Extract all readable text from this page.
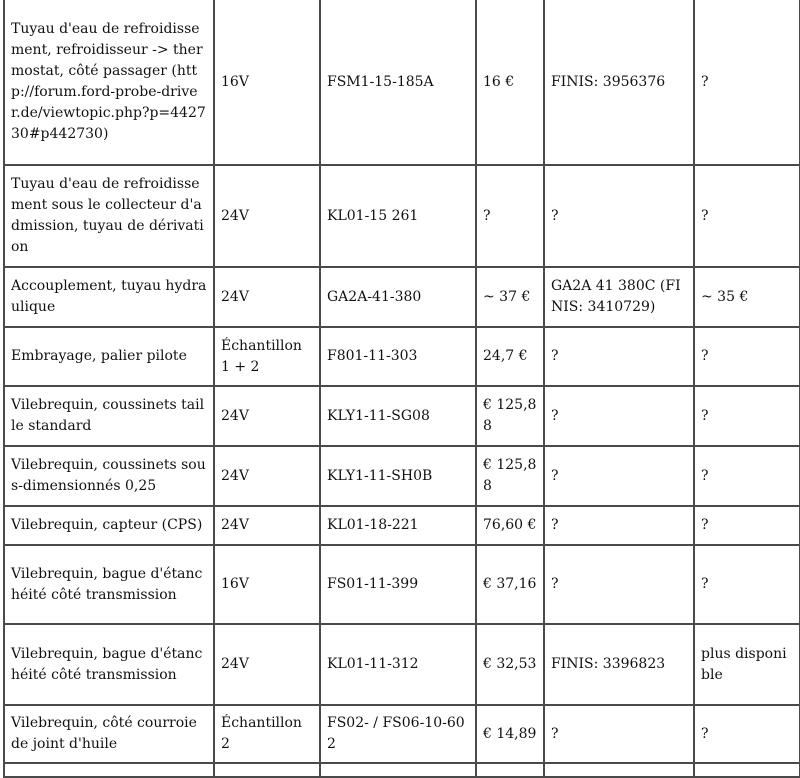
Tuyau d'eau de refroidissement, refroidisseur -> thermostat, côté passager (http://forum.ford-probe-driver.de/viewtopic.php?p=442730#p442730)	16V	FSM1-15-185A	16 €	FINIS: 3956376	?
Tuyau d'eau de refroidissement sous le collecteur d'admission, tuyau de dérivation	24V	KL01-15 261	?	?	?
Accouplement, tuyau hydraulique	24V	GA2A-41-380	~ 37 €	GA2A 41 380C (FINIS: 3410729)	~ 35 €
Embrayage, palier pilote	Échantillon 1 + 2	F801-11-303	24,7 €	?	?
Vilebrequin, coussinets taille standard	24V	KLY1-11-SG08	€ 125,88	?	?
Vilebrequin, coussinets sous-dimensionnés 0,25	24V	KLY1-11-SH0B	€ 125,88	?	?
Vilebrequin, capteur (CPS)	24V	KL01-18-221	76,60 €	?	?
Vilebrequin, bague d'étanchéité côté transmission	16V	FS01-11-399	€ 37,16	?	?
Vilebrequin, bague d'étanchéité côté transmission	24V	KL01-11-312	€ 32,53	FINIS: 3396823	plus disponible
Vilebrequin, côté courroie de joint d'huile	Échantillon 2	FS02- / FS06-10-602	€ 14,89	?	?
